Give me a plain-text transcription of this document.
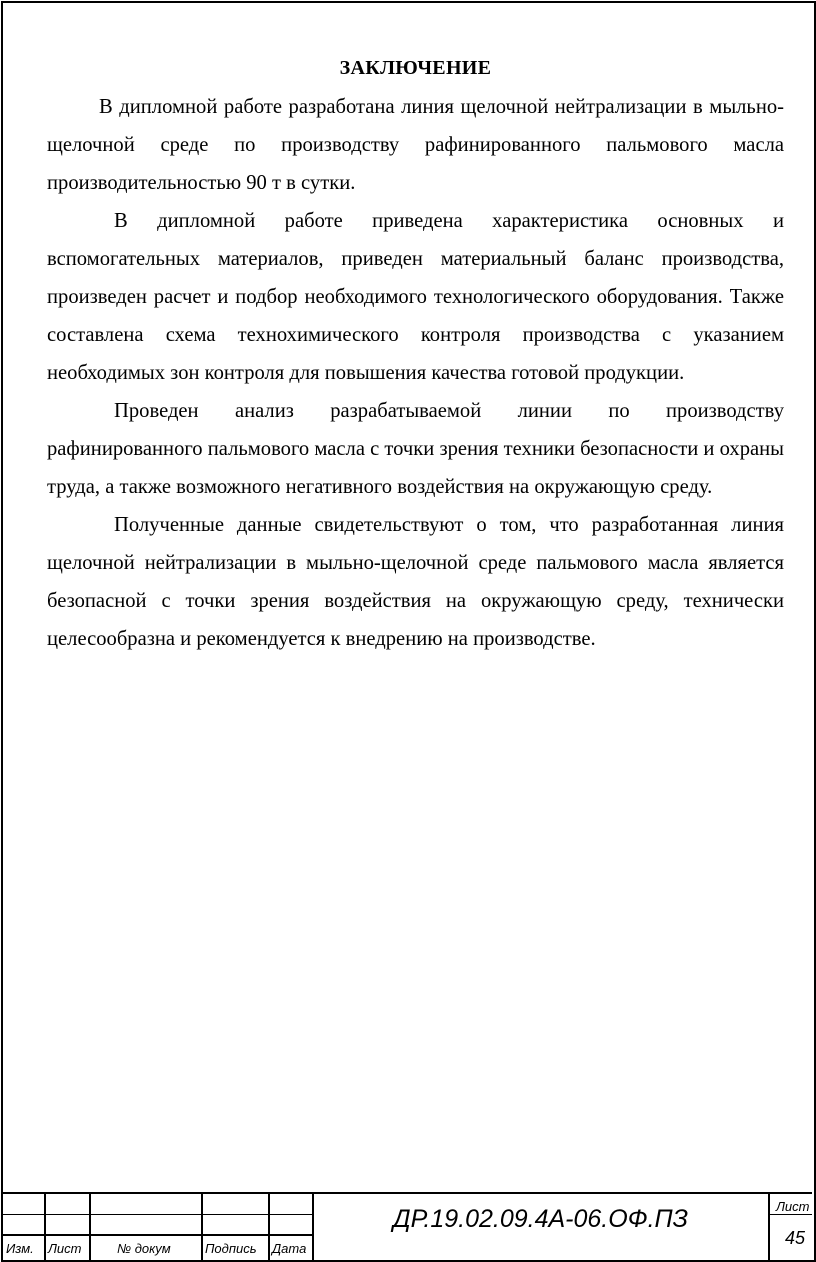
ЗАКЛЮЧЕНИЕ

В дипломной работе разработана линия щелочной нейтрализации в мыльно-щелочной среде по производству рафинированного пальмового масла производительностью 90 т в сутки.

В дипломной работе приведена характеристика основных и вспомогательных материалов, приведен материальный баланс производства, произведен расчет и подбор необходимого технологического оборудования. Также составлена схема технохимического контроля производства с указанием необходимых зон контроля для повышения качества готовой продукции.

Проведен анализ разрабатываемой линии по производству рафинированного пальмового масла с точки зрения техники безопасности и охраны труда, а также возможного негативного воздействия на окружающую среду.

Полученные данные свидетельствуют о том, что разработанная линия щелочной нейтрализации в мыльно-щелочной среде пальмового масла является безопасной с точки зрения воздействия на окружающую среду, технически целесообразна и рекомендуется к внедрению на производстве.

Изм. Лист	№ докум	Подпись Дата
ДР.19.02.09.4А-06.ОФ.ПЗ	Лист
45
